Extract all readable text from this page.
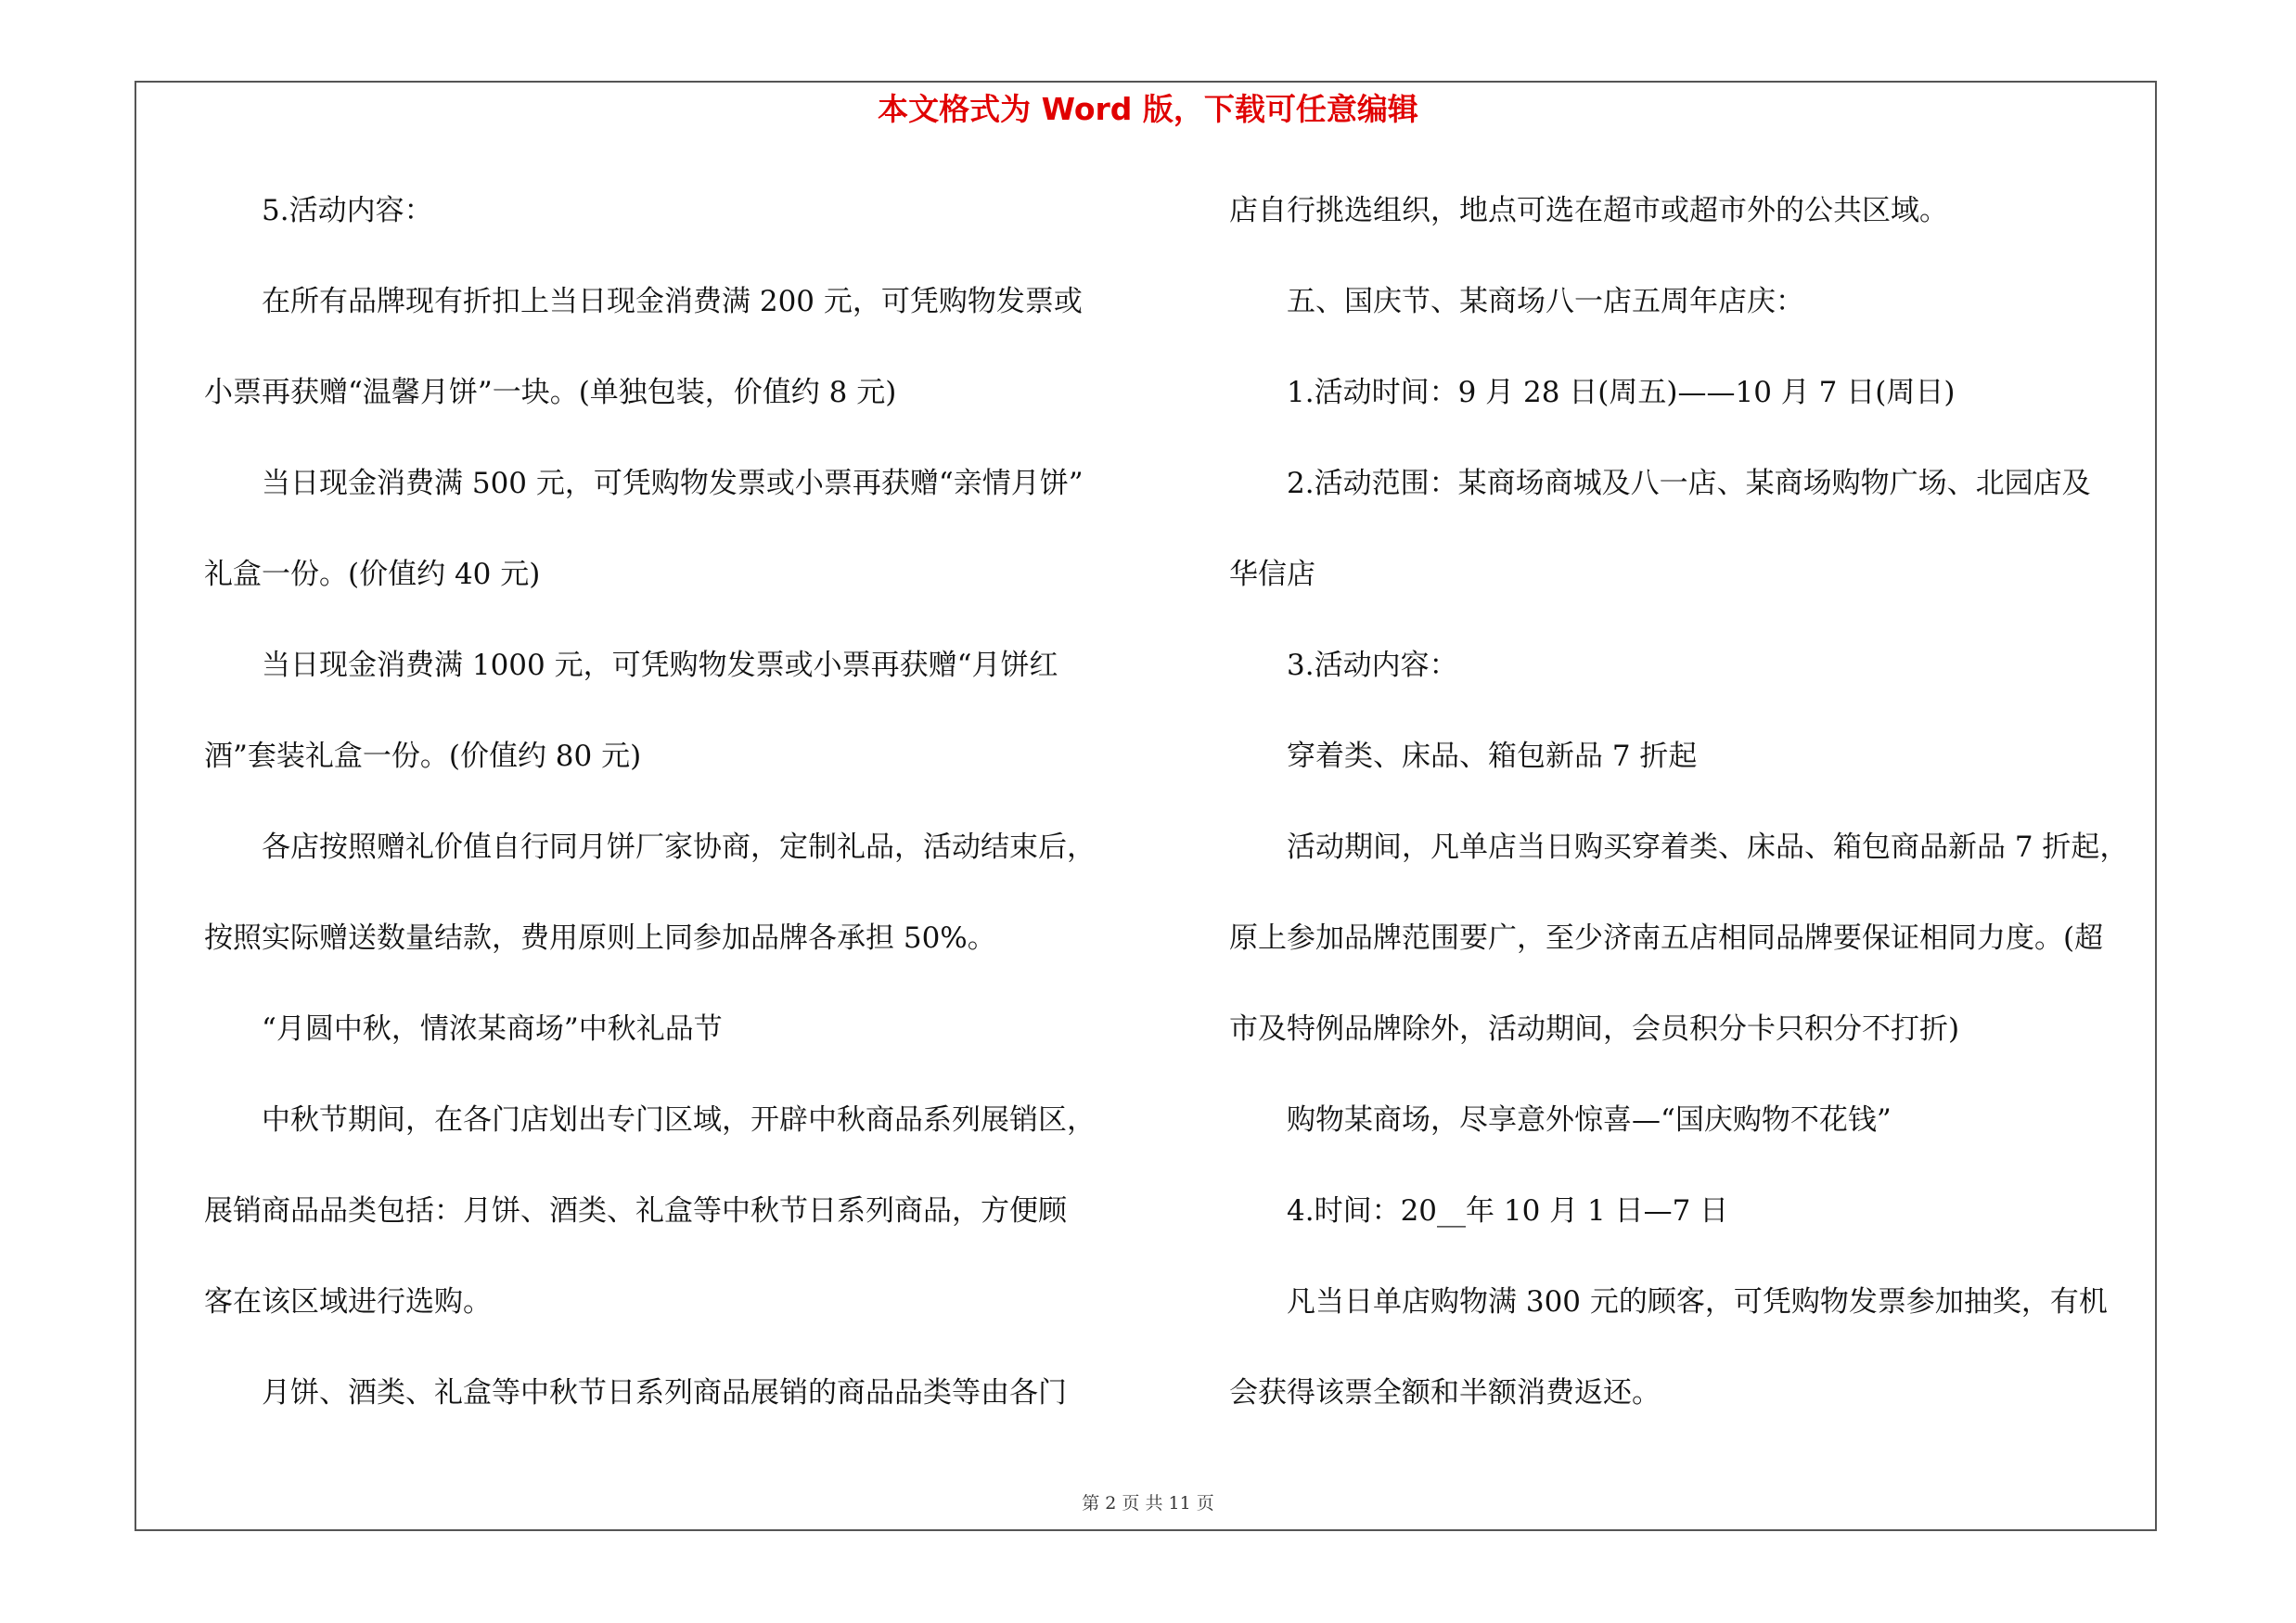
本文格式为 Word 版，下载可任意编辑
5.活动内容：
在所有品牌现有折扣上当日现金消费满 200 元，可凭购物发票或
小票再获赠“温馨月饼”一块。(单独包装，价值约 8 元)
当日现金消费满 500 元，可凭购物发票或小票再获赠“亲情月饼”
礼盒一份。(价值约 40 元)
当日现金消费满 1000 元，可凭购物发票或小票再获赠“月饼红
酒”套装礼盒一份。(价值约 80 元)
各店按照赠礼价值自行同月饼厂家协商，定制礼品，活动结束后，
按照实际赠送数量结款，费用原则上同参加品牌各承担 50%。
“月圆中秋，情浓某商场”中秋礼品节
中秋节期间，在各门店划出专门区域，开辟中秋商品系列展销区，
展销商品品类包括：月饼、酒类、礼盒等中秋节日系列商品，方便顾
客在该区域进行选购。
月饼、酒类、礼盒等中秋节日系列商品展销的商品品类等由各门
店自行挑选组织，地点可选在超市或超市外的公共区域。
五、国庆节、某商场八一店五周年店庆：
1.活动时间：9 月 28 日(周五)——10 月 7 日(周日)
2.活动范围：某商场商城及八一店、某商场购物广场、北园店及
华信店
3.活动内容：
穿着类、床品、箱包新品 7 折起
活动期间，凡单店当日购买穿着类、床品、箱包商品新品 7 折起，
原上参加品牌范围要广，至少济南五店相同品牌要保证相同力度。(超
市及特例品牌除外，活动期间，会员积分卡只积分不打折)
购物某商场，尽享意外惊喜—“国庆购物不花钱”
4.时间：20__年 10 月 1 日—7 日
凡当日单店购物满 300 元的顾客，可凭购物发票参加抽奖，有机
会获得该票全额和半额消费返还。
第 2 页 共 11 页
